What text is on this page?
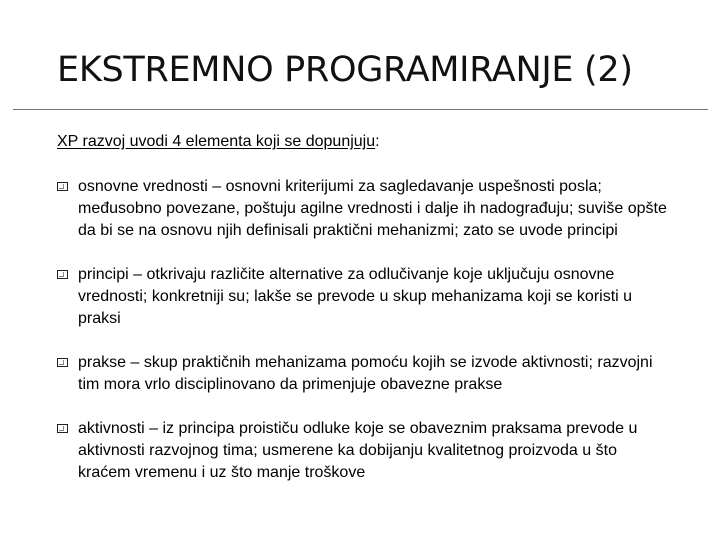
EKSTREMNO PROGRAMIRANJE (2)
XP razvoj uvodi 4 elementa koji se dopunjuju:
osnovne vrednosti – osnovni kriterijumi za sagledavanje uspešnosti posla; međusobno povezane, poštuju agilne vrednosti i dalje ih nadograđuju; suviše opšte da bi se na osnovu njih definisali praktični mehanizmi; zato se uvode principi
principi – otkrivaju različite alternative za odlučivanje koje uključuju osnovne vrednosti; konkretniji su; lakše se prevode u skup mehanizama koji se koristi u praksi
prakse – skup praktičnih mehanizama pomoću kojih se izvode aktivnosti; razvojni tim mora vrlo disciplinovano da primenjuje obavezne prakse
aktivnosti – iz principa proističu odluke koje se obaveznim praksama prevode u aktivnosti razvojnog tima; usmerene ka dobijanju kvalitetnog proizvoda u što kraćem vremenu i uz što manje troškove
